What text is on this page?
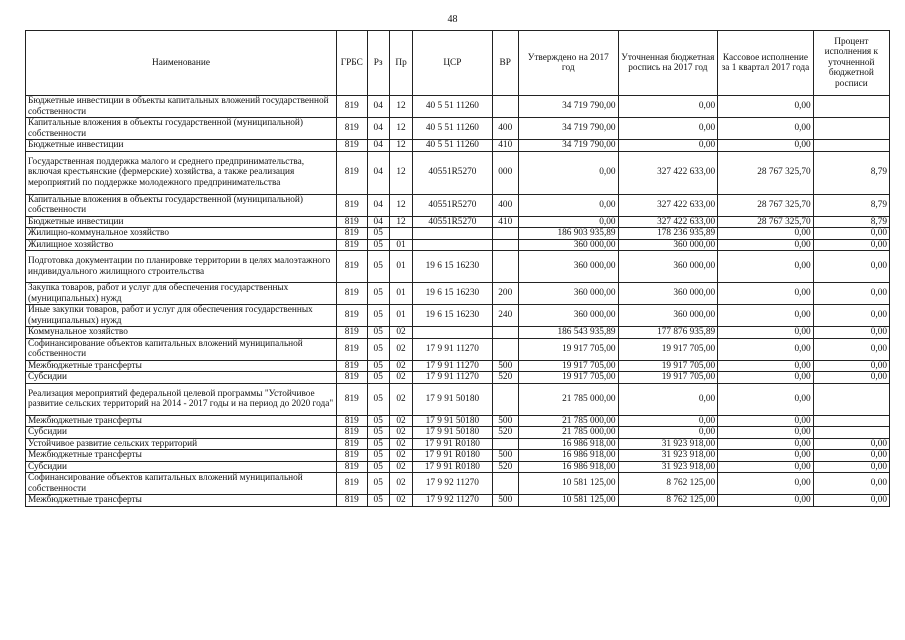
48
Наименование	ГРБС	Рз	Пр	ЦСР	ВР	Утверждено на 2017 год	Уточненная бюджетная роспись на 2017 год	Кассовое исполнение за 1 квартал 2017 года	Процент исполнения к уточненной бюджетной росписи
Бюджетные инвестиции в объекты капитальных вложений государственной собственности	819	04	12	40 5 51 11260		34 719 790,00	0,00	0,00	
Капитальные вложения в объекты государственной (муниципальной) собственности	819	04	12	40 5 51 11260	400	34 719 790,00	0,00	0,00	
Бюджетные инвестиции	819	04	12	40 5 51 11260	410	34 719 790,00	0,00	0,00	
Государственная поддержка малого и среднего предпринимательства, включая крестьянские (фермерские) хозяйства, а также реализация мероприятий по поддержке молодежного предпринимательства	819	04	12	40551R5270	000	0,00	327 422 633,00	28 767 325,70	8,79
Капитальные вложения в объекты государственной (муниципальной) собственности	819	04	12	40551R5270	400	0,00	327 422 633,00	28 767 325,70	8,79
Бюджетные инвестиции	819	04	12	40551R5270	410	0,00	327 422 633,00	28 767 325,70	8,79
Жилищно-коммунальное хозяйство	819	05				186 903 935,89	178 236 935,89	0,00	0,00
Жилищное хозяйство	819	05	01			360 000,00	360 000,00	0,00	0,00
Подготовка документации по планировке территории в целях малоэтажного индивидуального жилищного строительства	819	05	01	19 6 15 16230		360 000,00	360 000,00	0,00	0,00
Закупка товаров, работ и услуг для обеспечения государственных (муниципальных) нужд	819	05	01	19 6 15 16230	200	360 000,00	360 000,00	0,00	0,00
Иные закупки товаров, работ и услуг для обеспечения государственных (муниципальных) нужд	819	05	01	19 6 15 16230	240	360 000,00	360 000,00	0,00	0,00
Коммунальное хозяйство	819	05	02			186 543 935,89	177 876 935,89	0,00	0,00
Софинансирование объектов капитальных вложений муниципальной собственности	819	05	02	17 9 91 11270		19 917 705,00	19 917 705,00	0,00	0,00
Межбюджетные трансферты	819	05	02	17 9 91 11270	500	19 917 705,00	19 917 705,00	0,00	0,00
Субсидии	819	05	02	17 9 91 11270	520	19 917 705,00	19 917 705,00	0,00	0,00
Реализация мероприятий федеральной целевой программы "Устойчивое развитие сельских территорий на 2014 - 2017 годы и на период до 2020 года"	819	05	02	17 9 91 50180		21 785 000,00	0,00	0,00	
Межбюджетные трансферты	819	05	02	17 9 91 50180	500	21 785 000,00	0,00	0,00	
Субсидии	819	05	02	17 9 91 50180	520	21 785 000,00	0,00	0,00	
Устойчивое развитие сельских территорий	819	05	02	17 9 91 R0180		16 986 918,00	31 923 918,00	0,00	0,00
Межбюджетные трансферты	819	05	02	17 9 91 R0180	500	16 986 918,00	31 923 918,00	0,00	0,00
Субсидии	819	05	02	17 9 91 R0180	520	16 986 918,00	31 923 918,00	0,00	0,00
Софинансирование объектов капитальных вложений муниципальной собственности	819	05	02	17 9 92 11270		10 581 125,00	8 762 125,00	0,00	0,00
Межбюджетные трансферты	819	05	02	17 9 92 11270	500	10 581 125,00	8 762 125,00	0,00	0,00
